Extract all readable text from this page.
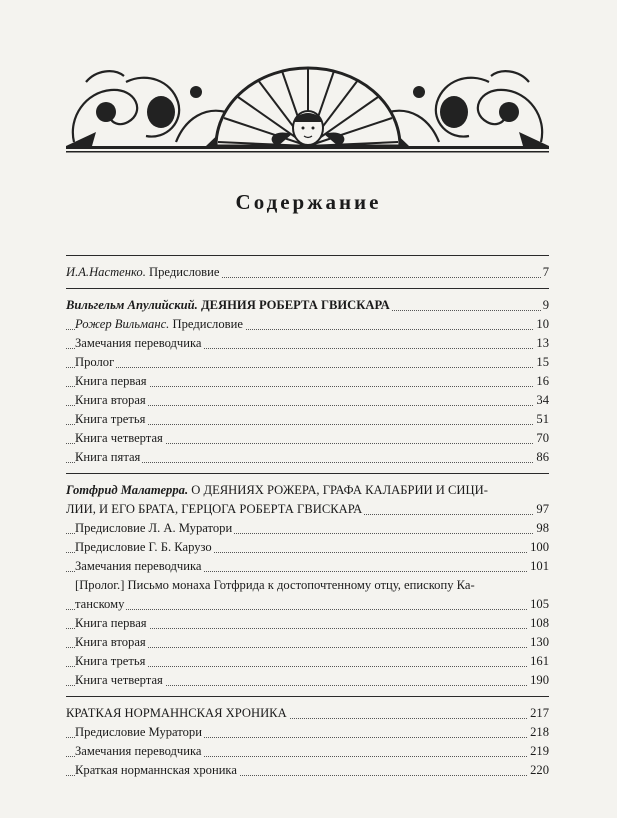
Содержание
И.А.Настенко. Предисловие	7
Вильгельм Апулийский. ДЕЯНИЯ РОБЕРТА ГВИСКАРА	9
Рожер Вильманс. Предисловие	10
Замечания переводчика	13
Пролог	15
Книга первая	16
Книга вторая	34
Книга третья	51
Книга четвертая	70
Книга пятая	86
Готфрид Малатерра. О ДЕЯНИЯХ РОЖЕРА, ГРАФА КАЛАБРИИ И СИЦИ-
ЛИИ, И ЕГО БРАТА, ГЕРЦОГА РОБЕРТА ГВИСКАРА	97
Предисловие Л. А. Муратори	98
Предисловие Г. Б. Карузо	100
Замечания переводчика	101
[Пролог.] Письмо монаха Готфрида к достопочтенному отцу, епископу Ка-
танскому	105
Книга первая	108
Книга вторая	130
Книга третья	161
Книга четвертая	190
КРАТКАЯ НОРМАННСКАЯ ХРОНИКА	217
Предисловие Муратори	218
Замечания переводчика	219
Краткая норманнская хроника	220
